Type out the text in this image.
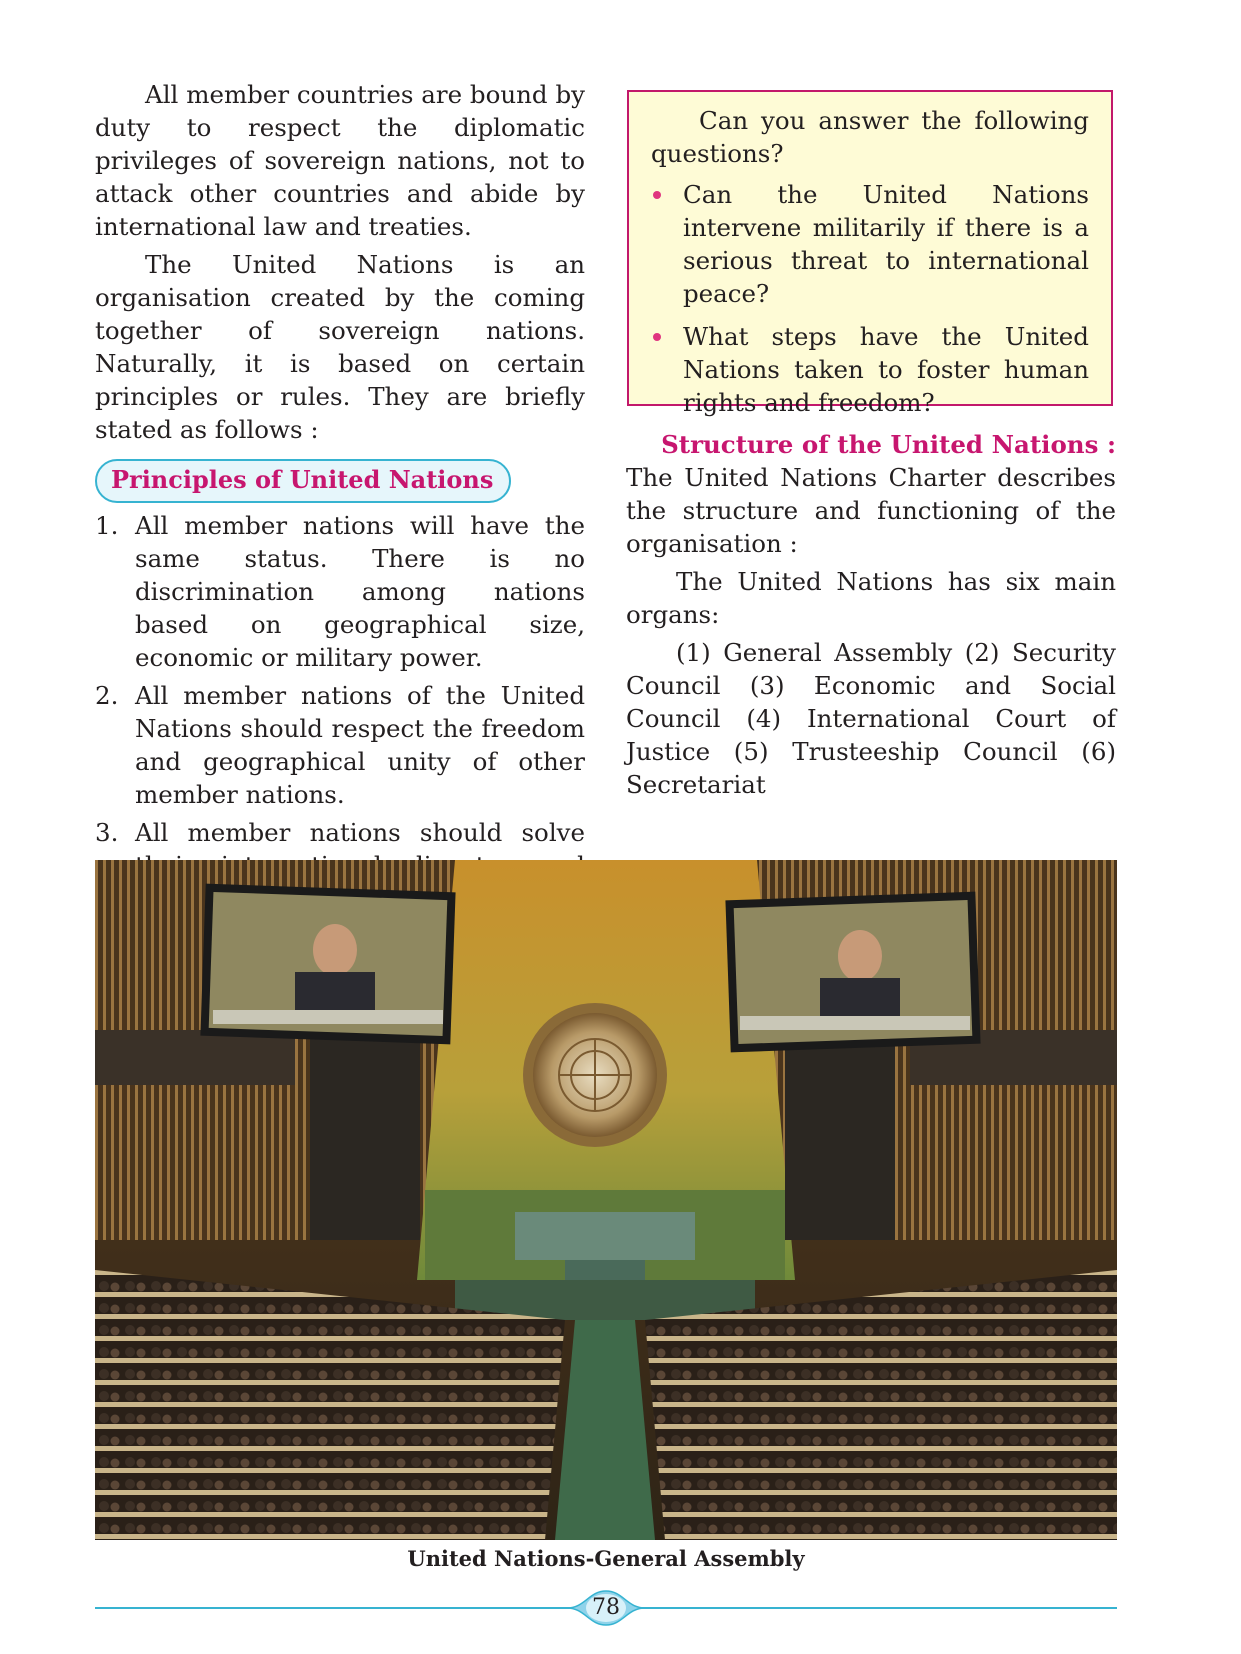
All member countries are bound by duty to respect the diplomatic privileges of sovereign nations, not to attack other countries and abide by international law and treaties.

The United Nations is an organisation created by the coming together of sovereign nations. Naturally, it is based on certain principles or rules. They are briefly stated as follows :

Principles of United Nations
1. All member nations will have the same status. There is no discrimination among nations based on geographical size, economic or military power.
2. All member nations of the United Nations should respect the freedom and geographical unity of other member nations.
3. All member nations should solve

Can you answer the following questions?

Can the United Nations intervene militarily if there is a serious threat to international peace?
What steps have the United Nations taken to foster human rights and freedom?

Structure of the United Nations :

The United Nations Charter describes the structure and functioning of the organisation :

The United Nations has six main organs:

(1) General Assembly (2) Security Council (3) Economic and Social Council (4) International Court of Justice (5) Trusteeship Council (6) Secretariat

United Nations-General Assembly
78
